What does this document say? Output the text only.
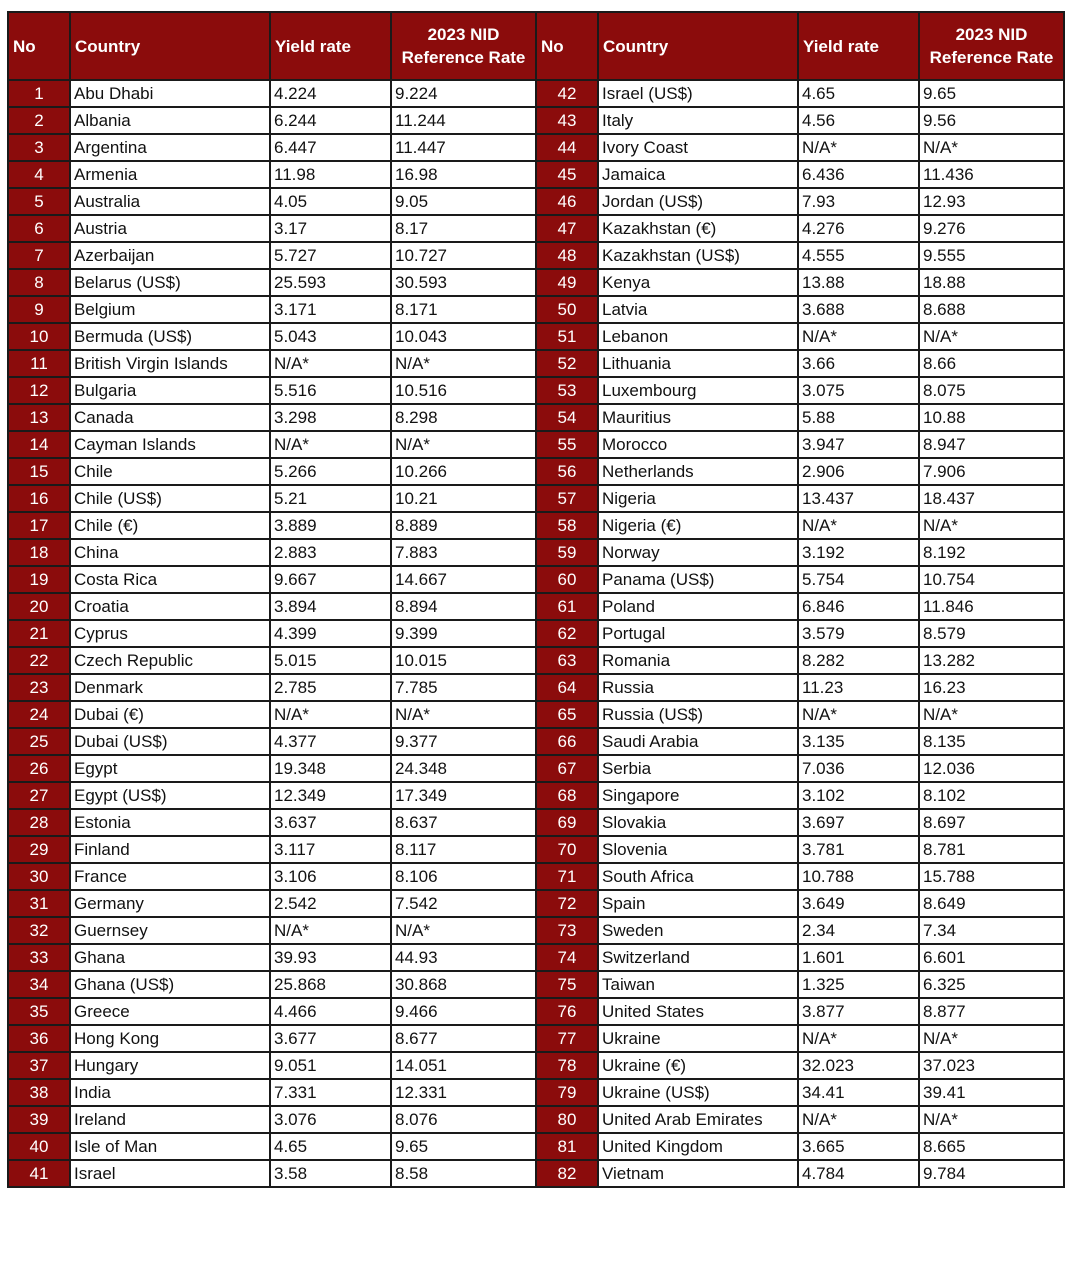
No	Country	Yield rate	2023 NID Reference Rate	No	Country	Yield rate	2023 NID Reference Rate
1	Abu Dhabi	4.224	9.224	42	Israel (US$)	4.65	9.65
2	Albania	6.244	11.244	43	Italy	4.56	9.56
3	Argentina	6.447	11.447	44	Ivory Coast	N/A*	N/A*
4	Armenia	11.98	16.98	45	Jamaica	6.436	11.436
5	Australia	4.05	9.05	46	Jordan (US$)	7.93	12.93
6	Austria	3.17	8.17	47	Kazakhstan (€)	4.276	9.276
7	Azerbaijan	5.727	10.727	48	Kazakhstan (US$)	4.555	9.555
8	Belarus (US$)	25.593	30.593	49	Kenya	13.88	18.88
9	Belgium	3.171	8.171	50	Latvia	3.688	8.688
10	Bermuda (US$)	5.043	10.043	51	Lebanon	N/A*	N/A*
11	British Virgin Islands	N/A*	N/A*	52	Lithuania	3.66	8.66
12	Bulgaria	5.516	10.516	53	Luxembourg	3.075	8.075
13	Canada	3.298	8.298	54	Mauritius	5.88	10.88
14	Cayman Islands	N/A*	N/A*	55	Morocco	3.947	8.947
15	Chile	5.266	10.266	56	Netherlands	2.906	7.906
16	Chile (US$)	5.21	10.21	57	Nigeria	13.437	18.437
17	Chile (€)	3.889	8.889	58	Nigeria (€)	N/A*	N/A*
18	China	2.883	7.883	59	Norway	3.192	8.192
19	Costa Rica	9.667	14.667	60	Panama (US$)	5.754	10.754
20	Croatia	3.894	8.894	61	Poland	6.846	11.846
21	Cyprus	4.399	9.399	62	Portugal	3.579	8.579
22	Czech Republic	5.015	10.015	63	Romania	8.282	13.282
23	Denmark	2.785	7.785	64	Russia	11.23	16.23
24	Dubai (€)	N/A*	N/A*	65	Russia (US$)	N/A*	N/A*
25	Dubai (US$)	4.377	9.377	66	Saudi Arabia	3.135	8.135
26	Egypt	19.348	24.348	67	Serbia	7.036	12.036
27	Egypt (US$)	12.349	17.349	68	Singapore	3.102	8.102
28	Estonia	3.637	8.637	69	Slovakia	3.697	8.697
29	Finland	3.117	8.117	70	Slovenia	3.781	8.781
30	France	3.106	8.106	71	South Africa	10.788	15.788
31	Germany	2.542	7.542	72	Spain	3.649	8.649
32	Guernsey	N/A*	N/A*	73	Sweden	2.34	7.34
33	Ghana	39.93	44.93	74	Switzerland	1.601	6.601
34	Ghana (US$)	25.868	30.868	75	Taiwan	1.325	6.325
35	Greece	4.466	9.466	76	United States	3.877	8.877
36	Hong Kong	3.677	8.677	77	Ukraine	N/A*	N/A*
37	Hungary	9.051	14.051	78	Ukraine (€)	32.023	37.023
38	India	7.331	12.331	79	Ukraine (US$)	34.41	39.41
39	Ireland	3.076	8.076	80	United Arab Emirates	N/A*	N/A*
40	Isle of Man	4.65	9.65	81	United Kingdom	3.665	8.665
41	Israel	3.58	8.58	82	Vietnam	4.784	9.784
